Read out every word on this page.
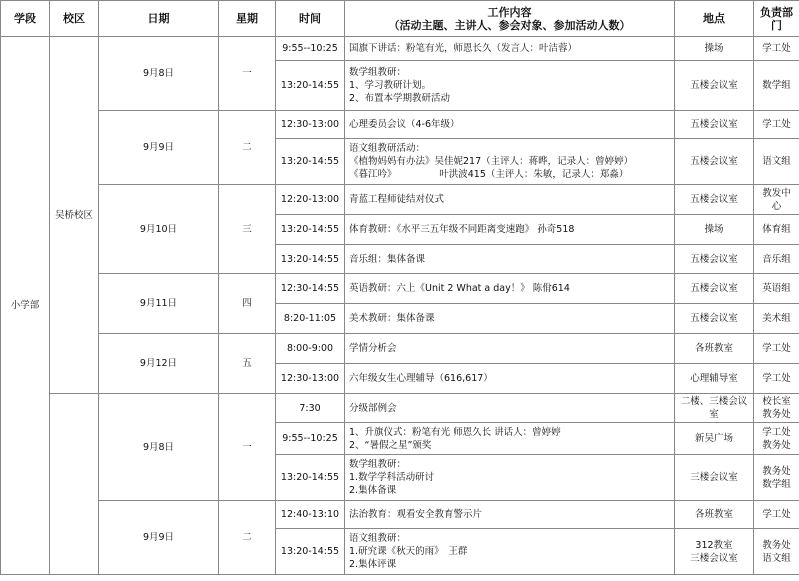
学段	校区	日期	星期	时间	工作内容
（活动主题、主讲人、参会对象、参加活动人数）	地点	负责部门
小学部	吴桥校区	9月8日	一	9:55--10:25	国旗下讲话：粉笔有光，师恩长久（发言人：叶洁蓉）	操场	学工处
				13:20-14:55	数学组教研：
1、学习教研计划。
2、布置本学期教研活动	五楼会议室	数学组
		9月9日	二	12:30-13:00	心理委员会议（4-6年级）	五楼会议室	学工处
				13:20-14:55	语文组教研活动：
《植物妈妈有办法》吴佳妮217（主评人：蒋晔，记录人：曾婷婷）
《暮江吟》　　　　　叶洪波415（主评人：朱敏，记录人：郑淼）	五楼会议室	语文组
		9月10日	三	12:20-13:00	青蓝工程师徒结对仪式	五楼会议室	教发中心
				13:20-14:55	体育教研：《水平三五年级不同距离变速跑》 孙奇518	操场	体育组
				13:20-14:55	音乐组：集体备课	五楼会议室	音乐组
		9月11日	四	12:30-14:55	英语教研：六上《Unit 2 What a day！》 陈佾614	五楼会议室	英语组
				8:20-11:05	美术教研：集体备课	五楼会议室	美术组
		9月12日	五	8:00-9:00	学情分析会	各班教室	学工处
				12:30-13:00	六年级女生心理辅导（616,617）	心理辅导室	学工处
		9月8日	一	7:30	分级部例会	二楼、三楼会议室	校长室
教务处
				9:55--10:25	1、升旗仪式：粉笔有光 师恩久长 讲话人：曾婷婷
2、“暑假之星”颁奖	新吴广场	学工处
教务处
				13:20-14:55	数学组教研：
1.数学学科活动研讨
2.集体备课	三楼会议室	教务处
数学组
		9月9日	二	12:40-13:10	法治教育：观看安全教育警示片	各班教室	学工处
				13:20-14:55	语文组教研：
1.研究课《秋天的雨》　王群
2.集体评课	312教室
三楼会议室	教务处
语文组
